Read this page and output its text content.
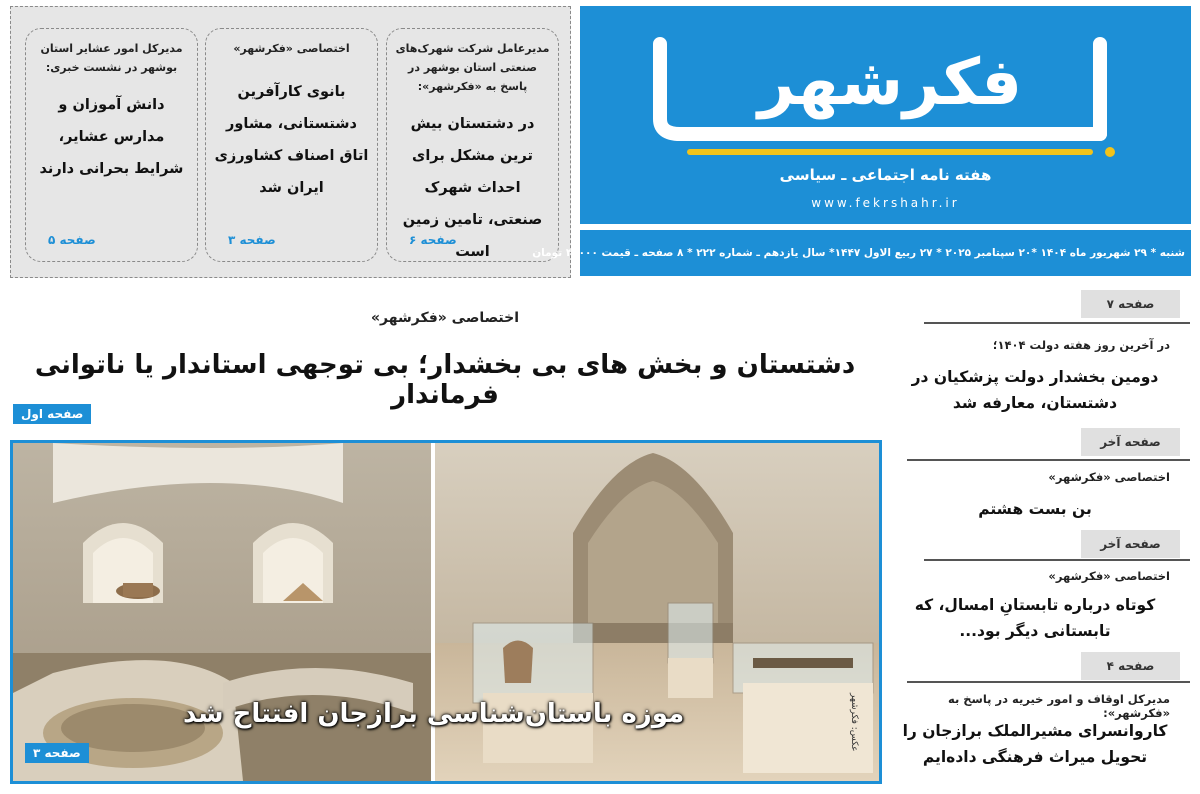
مدیرعامل شرکت شهرک‌های صنعتی استان بوشهر در پاسخ به «فکرشهر»:
در دشتستان بیش ترین مشکل برای احداث شهرک صنعتی، تامین زمین است
صفحه ۶
اختصاصی «فکرشهر»
بانوی کارآفرین دشتستانی، مشاور اتاق اصناف کشاورزی ایران شد
صفحه ۳
مدیرکل امور عشایر استان بوشهر در نشست خبری:
دانش آموزان و مدارس عشایر، شرایط بحرانی دارند
صفحه ۵
فکرشهر
هفته نامه اجتماعی ـ سیاسی
www.fekrshahr.ir
شنبه * ۲۹ شهریور ماه ۱۴۰۴ *۲۰ سپتامبر ۲۰۲۵ * ۲۷ ربیع الاول ۱۴۴۷* سال یازدهم ـ شماره ۲۲۲ * ۸ صفحه ـ قیمت ۳۰۰۰۰ تومان
اختصاصی «فکرشهر»
دشتستان و بخش های بی بخشدار؛ بی توجهی استاندار یا ناتوانی فرماندار
صفحه اول
موزه باستان‌شناسی برازجان افتتاح شد	عکس: فکرشهر
صفحه ۳
صفحه ۷
در آخرین روز هفته دولت ۱۴۰۴؛
دومین بخشدار دولت پزشکیان در دشتستان، معارفه شد
صفحه آخر
اختصاصی «فکرشهر»
بن بست هشتم
صفحه آخر
اختصاصی «فکرشهر»
کوتاه درباره تابستانِ امسال، که تابستانی دیگر بود...
صفحه ۴
مدیرکل اوقاف و امور خیریه در پاسخ به «فکرشهر»:
کاروانسرای مشیرالملک برازجان را تحویل میراث فرهنگی داده‌ایم
